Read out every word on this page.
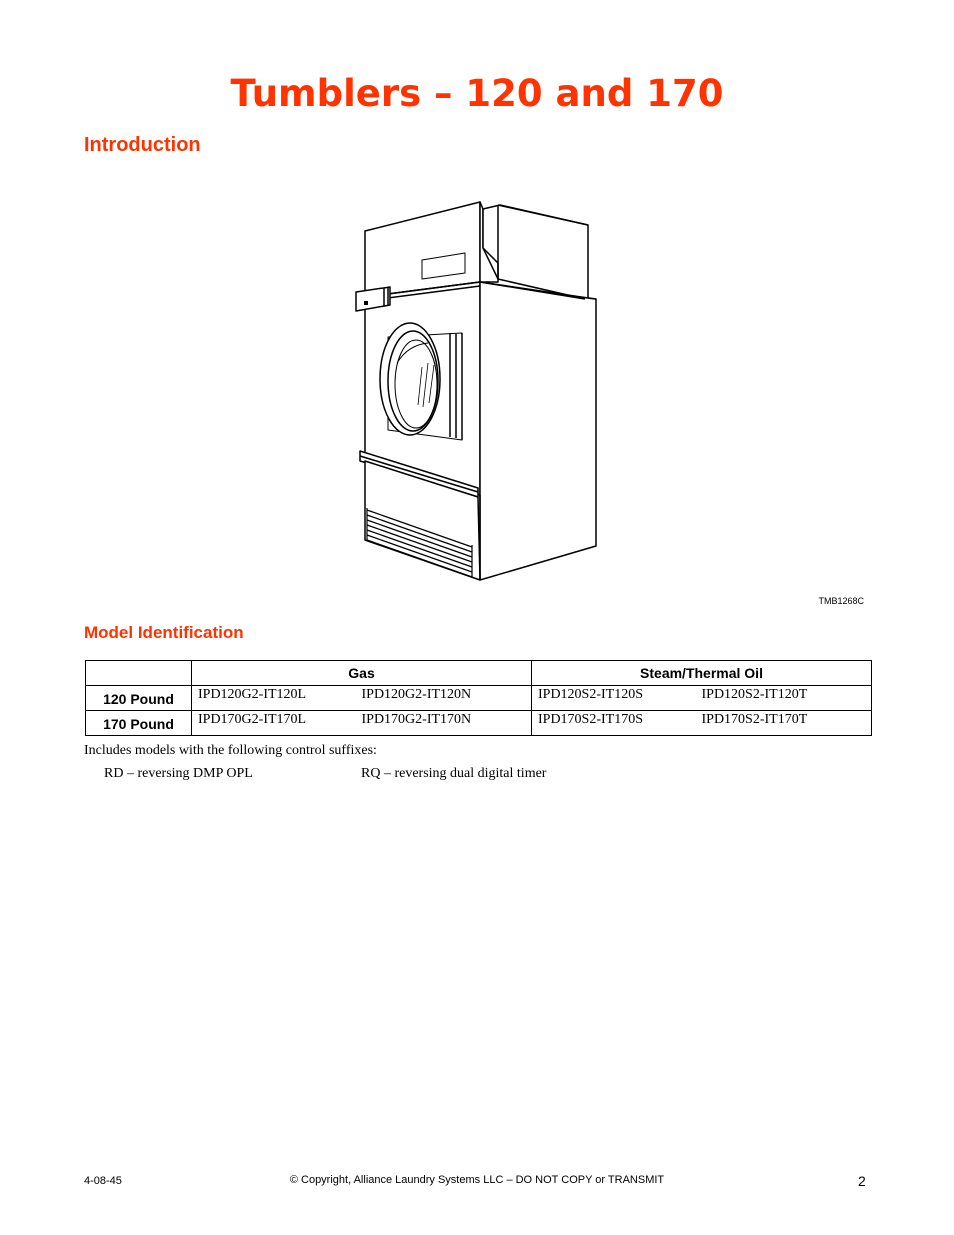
Tumblers – 120 and 170
Introduction
TMB1268C
Model Identification
	Gas	Steam/Thermal Oil
120 Pound	IPD120G2-IT120L IPD120G2-IT120N	IPD120S2-IT120S IPD120S2-IT120T

170 Pound	IPD170G2-IT170L IPD170G2-IT170N	IPD170S2-IT170S IPD170S2-IT170T
Includes models with the following control suffixes:
RD – reversing DMP OPL	RQ – reversing dual digital timer
4-08-45	© Copyright, Alliance Laundry Systems LLC – DO NOT COPY or TRANSMIT	2
